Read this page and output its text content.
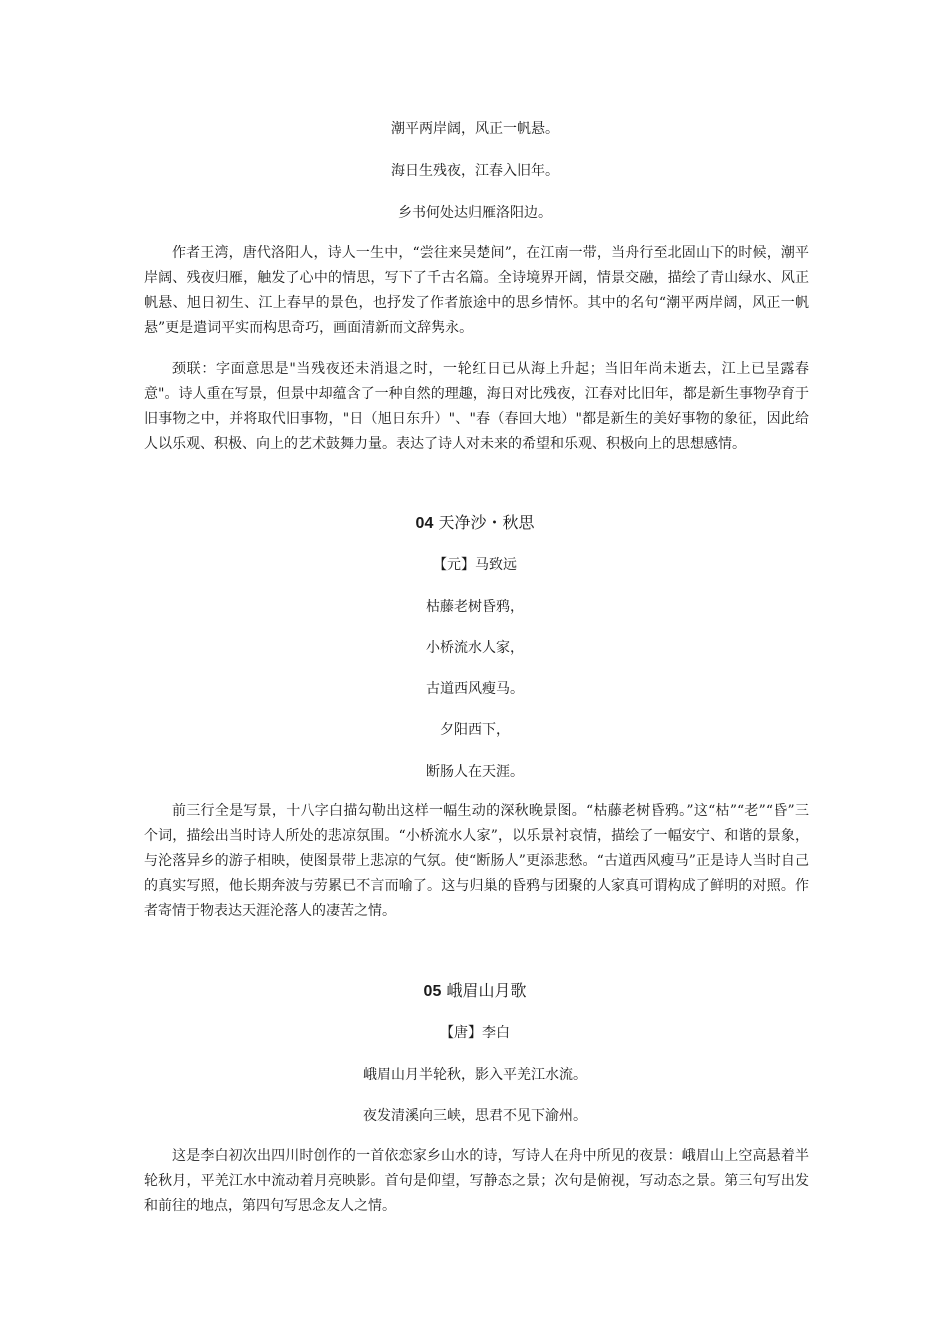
潮平两岸阔，风正一帆悬。
海日生残夜，江春入旧年。
乡书何处达归雁洛阳边。
作者王湾，唐代洛阳人，诗人一生中，“尝往来吴楚间”，在江南一带，当舟行至北固山下的时候，潮平岸阔、残夜归雁，触发了心中的情思，写下了千古名篇。全诗境界开阔，情景交融，描绘了青山绿水、风正帆悬、旭日初生、江上春早的景色，也抒发了作者旅途中的思乡情怀。其中的名句“潮平两岸阔，风正一帆悬”更是遣词平实而构思奇巧，画面清新而文辞隽永。
颈联：字面意思是"当残夜还未消退之时，一轮红日已从海上升起；当旧年尚未逝去，江上已呈露春意"。诗人重在写景，但景中却蕴含了一种自然的理趣，海日对比残夜，江春对比旧年，都是新生事物孕育于旧事物之中，并将取代旧事物，"日（旭日东升）"、"春（春回大地）"都是新生的美好事物的象征，因此给人以乐观、积极、向上的艺术鼓舞力量。表达了诗人对未来的希望和乐观、积极向上的思想感情。
04 天净沙・秋思
【元】马致远
枯藤老树昏鸦，
小桥流水人家，
古道西风瘦马。
夕阳西下，
断肠人在天涯。
前三行全是写景，十八字白描勾勒出这样一幅生动的深秋晚景图。“枯藤老树昏鸦。”这“枯”“老”“昏”三个词，描绘出当时诗人所处的悲凉氛围。“小桥流水人家”，以乐景衬哀情，描绘了一幅安宁、和谐的景象，与沦落异乡的游子相映，使图景带上悲凉的气氛。使“断肠人”更添悲愁。“古道西风瘦马”正是诗人当时自己的真实写照，他长期奔波与劳累已不言而喻了。这与归巢的昏鸦与团聚的人家真可谓构成了鲜明的对照。作者寄情于物表达天涯沦落人的凄苦之情。
05 峨眉山月歌
【唐】李白
峨眉山月半轮秋，影入平羌江水流。
夜发清溪向三峡，思君不见下渝州。
这是李白初次出四川时创作的一首依恋家乡山水的诗，写诗人在舟中所见的夜景：峨眉山上空高悬着半轮秋月，平羌江水中流动着月亮映影。首句是仰望，写静态之景；次句是俯视，写动态之景。第三句写出发和前往的地点，第四句写思念友人之情。
